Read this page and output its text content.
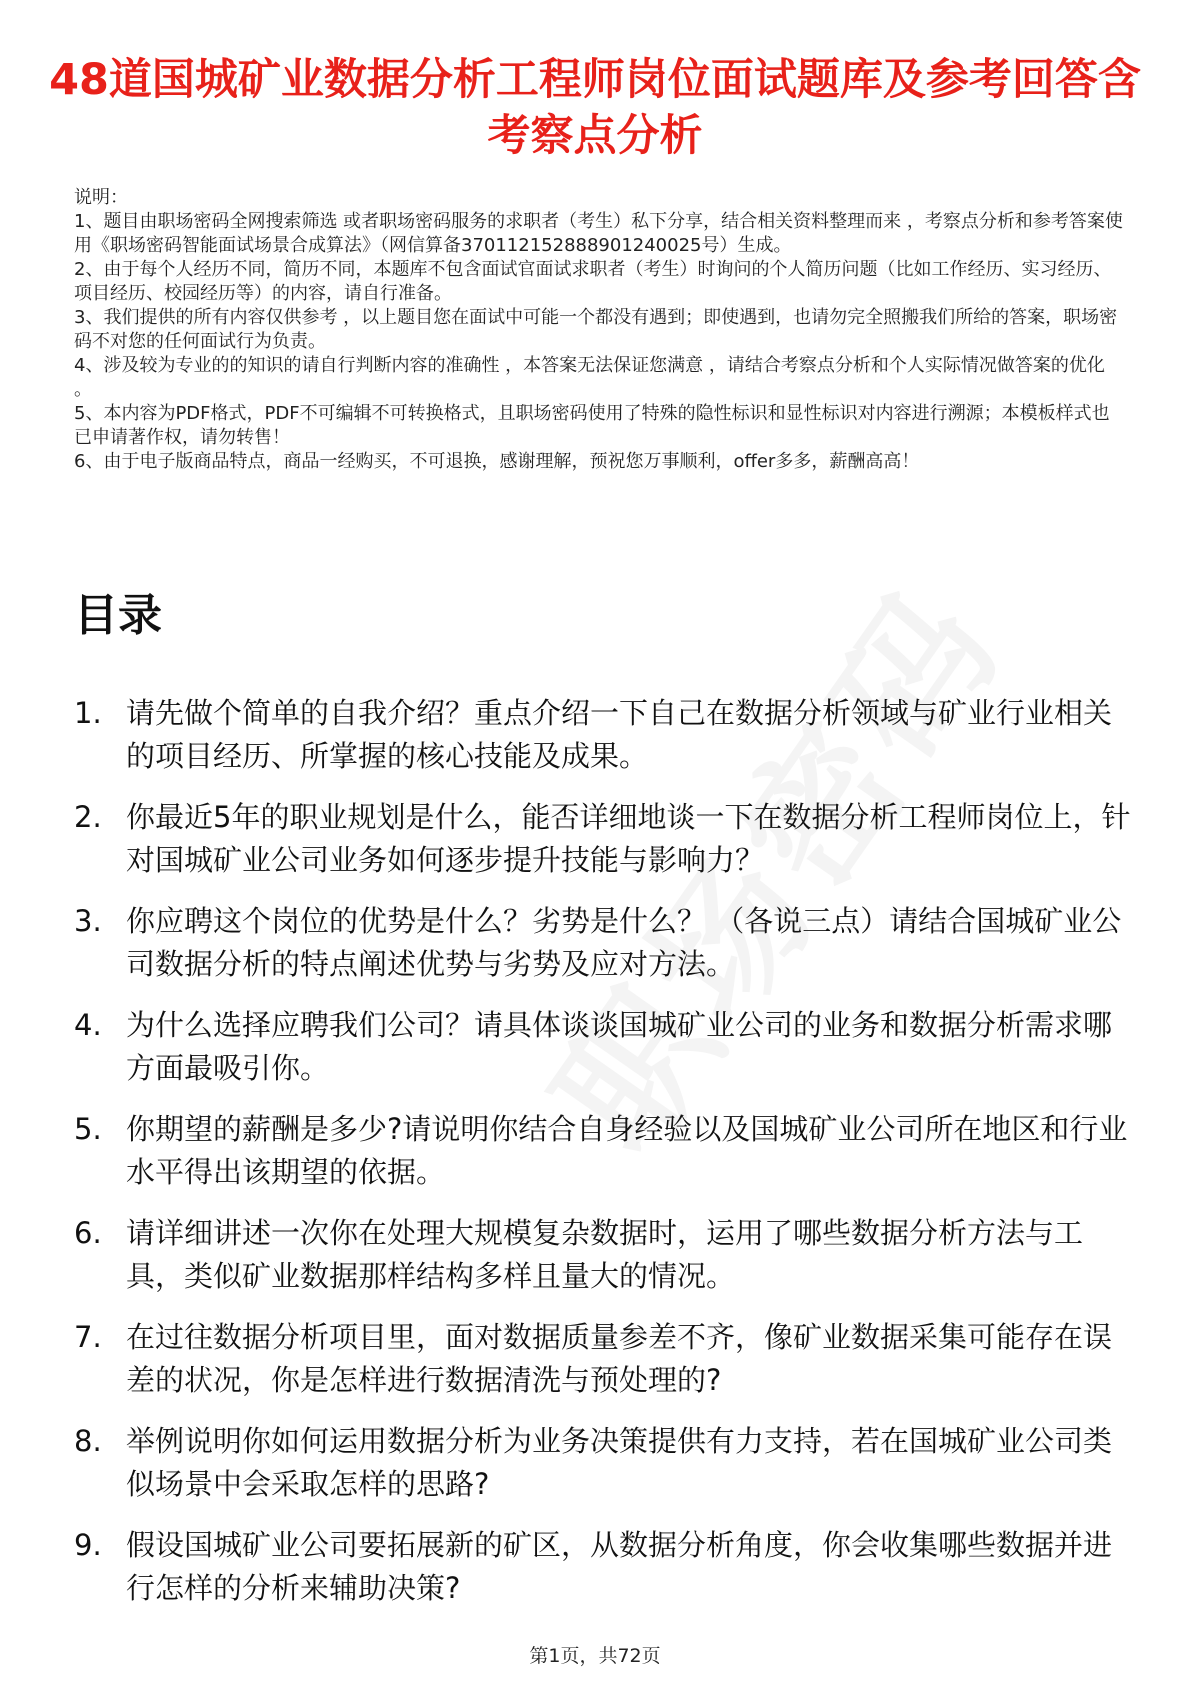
48道国城矿业数据分析工程师岗位面试题库及参考回答含考察点分析

说明：

1、题目由职场密码全网搜索筛选 或者职场密码服务的求职者（考生）私下分享，结合相关资料整理而来 ，考察点分析和参考答案使用《职场密码智能面试场景合成算法》（网信算备370112152888901240025号）生成。

2、由于每个人经历不同，简历不同，本题库不包含面试官面试求职者（考生）时询问的个人简历问题（比如工作经历、实习经历、项目经历、校园经历等）的内容，请自行准备。

3、我们提供的所有内容仅供参考 ，以上题目您在面试中可能一个都没有遇到；即使遇到，也请勿完全照搬我们所给的答案，职场密码不对您的任何面试行为负责。

4、涉及较为专业的的知识的请自行判断内容的准确性 ，本答案无法保证您满意 ，请结合考察点分析和个人实际情况做答案的优化 。

5、本内容为PDF格式，PDF不可编辑不可转换格式，且职场密码使用了特殊的隐性标识和显性标识对内容进行溯源；本模板样式也已申请著作权，请勿转售！

6、由于电子版商品特点，商品一经购买，不可退换，感谢理解，预祝您万事顺利，offer多多，薪酬高高！

目录
1. 请先做个简单的自我介绍？重点介绍一下自己在数据分析领域与矿业行业相关的项目经历、所掌握的核心技能及成果。
2. 你最近5年的职业规划是什么，能否详细地谈一下在数据分析工程师岗位上，针对国城矿业公司业务如何逐步提升技能与影响力？
3. 你应聘这个岗位的优势是什么？劣势是什么？ （各说三点）请结合国城矿业公司数据分析的特点阐述优势与劣势及应对方法。
4. 为什么选择应聘我们公司？请具体谈谈国城矿业公司的业务和数据分析需求哪方面最吸引你。
5. 你期望的薪酬是多少?请说明你结合自身经验以及国城矿业公司所在地区和行业水平得出该期望的依据。
6. 请详细讲述一次你在处理大规模复杂数据时，运用了哪些数据分析方法与工具，类似矿业数据那样结构多样且量大的情况。
7. 在过往数据分析项目里，面对数据质量参差不齐，像矿业数据采集可能存在误差的状况，你是怎样进行数据清洗与预处理的?
8. 举例说明你如何运用数据分析为业务决策提供有力支持，若在国城矿业公司类似场景中会采取怎样的思路?
9. 假设国城矿业公司要拓展新的矿区，从数据分析角度，你会收集哪些数据并进行怎样的分析来辅助决策?
第1页，共72页
